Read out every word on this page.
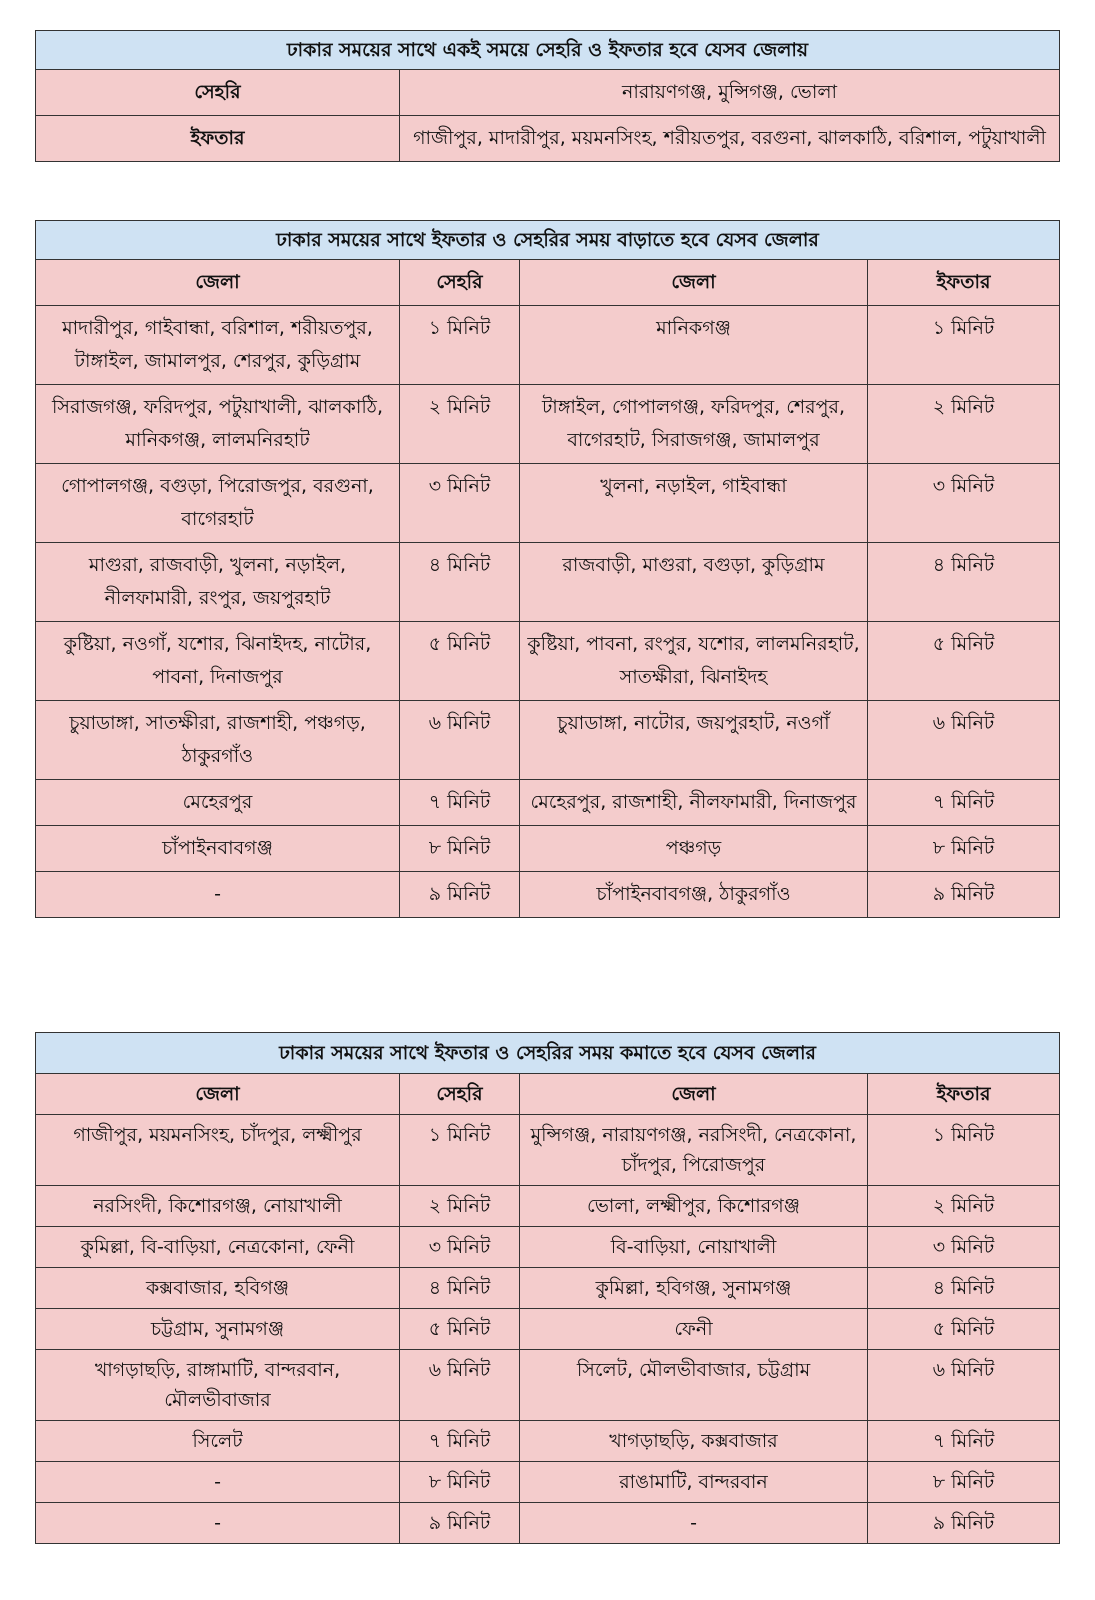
ঢাকার সময়ের সাথে একই সময়ে সেহরি ও ইফতার হবে যেসব জেলায়	
সেহরি	নারায়ণগঞ্জ, মুন্সিগঞ্জ, ভোলা
ইফতার	গাজীপুর, মাদারীপুর, ময়মনসিংহ, শরীয়তপুর, বরগুনা, ঝালকাঠি, বরিশাল, পটুয়াখালী
ঢাকার সময়ের সাথে ইফতার ও সেহরির সময় বাড়াতে হবে যেসব জেলার			
জেলা	সেহরি	জেলা	ইফতার
মাদারীপুর, গাইবান্ধা, বরিশাল, শরীয়তপুর, টাঙ্গাইল, জামালপুর, শেরপুর, কুড়িগ্রাম	১ মিনিট	মানিকগঞ্জ	১ মিনিট
সিরাজগঞ্জ, ফরিদপুর, পটুয়াখালী, ঝালকাঠি, মানিকগঞ্জ, লালমনিরহাট	২ মিনিট	টাঙ্গাইল, গোপালগঞ্জ, ফরিদপুর, শেরপুর, বাগেরহাট, সিরাজগঞ্জ, জামালপুর	২ মিনিট
গোপালগঞ্জ, বগুড়া, পিরোজপুর, বরগুনা, বাগেরহাট	৩ মিনিট	খুলনা, নড়াইল, গাইবান্ধা	৩ মিনিট
মাগুরা, রাজবাড়ী, খুলনা, নড়াইল, নীলফামারী, রংপুর, জয়পুরহাট	৪ মিনিট	রাজবাড়ী, মাগুরা, বগুড়া, কুড়িগ্রাম	৪ মিনিট
কুষ্টিয়া, নওগাঁ, যশোর, ঝিনাইদহ, নাটোর, পাবনা, দিনাজপুর	৫ মিনিট	কুষ্টিয়া, পাবনা, রংপুর, যশোর, লালমনিরহাট, সাতক্ষীরা, ঝিনাইদহ	৫ মিনিট
চুয়াডাঙ্গা, সাতক্ষীরা, রাজশাহী, পঞ্চগড়, ঠাকুরগাঁও	৬ মিনিট	চুয়াডাঙ্গা, নাটোর, জয়পুরহাট, নওগাঁ	৬ মিনিট
মেহেরপুর	৭ মিনিট	মেহেরপুর, রাজশাহী, নীলফামারী, দিনাজপুর	৭ মিনিট
চাঁপাইনবাবগঞ্জ	৮ মিনিট	পঞ্চগড়	৮ মিনিট
-	৯ মিনিট	চাঁপাইনবাবগঞ্জ, ঠাকুরগাঁও	৯ মিনিট
ঢাকার সময়ের সাথে ইফতার ও সেহরির সময় কমাতে হবে যেসব জেলার			
জেলা	সেহরি	জেলা	ইফতার
গাজীপুর, ময়মনসিংহ, চাঁদপুর, লক্ষ্মীপুর	১ মিনিট	মুন্সিগঞ্জ, নারায়ণগঞ্জ, নরসিংদী, নেত্রকোনা, চাঁদপুর, পিরোজপুর	১ মিনিট
নরসিংদী, কিশোরগঞ্জ, নোয়াখালী	২ মিনিট	ভোলা, লক্ষ্মীপুর, কিশোরগঞ্জ	২ মিনিট
কুমিল্লা, বি-বাড়িয়া, নেত্রকোনা, ফেনী	৩ মিনিট	বি-বাড়িয়া, নোয়াখালী	৩ মিনিট
কক্সবাজার, হবিগঞ্জ	৪ মিনিট	কুমিল্লা, হবিগঞ্জ, সুনামগঞ্জ	৪ মিনিট
চট্টগ্রাম, সুনামগঞ্জ	৫ মিনিট	ফেনী	৫ মিনিট
খাগড়াছড়ি, রাঙ্গামাটি, বান্দরবান, মৌলভীবাজার	৬ মিনিট	সিলেট, মৌলভীবাজার, চট্টগ্রাম	৬ মিনিট
সিলেট	৭ মিনিট	খাগড়াছড়ি, কক্সবাজার	৭ মিনিট
-	৮ মিনিট	রাঙামাটি, বান্দরবান	৮ মিনিট
-	৯ মিনিট	-	৯ মিনিট
